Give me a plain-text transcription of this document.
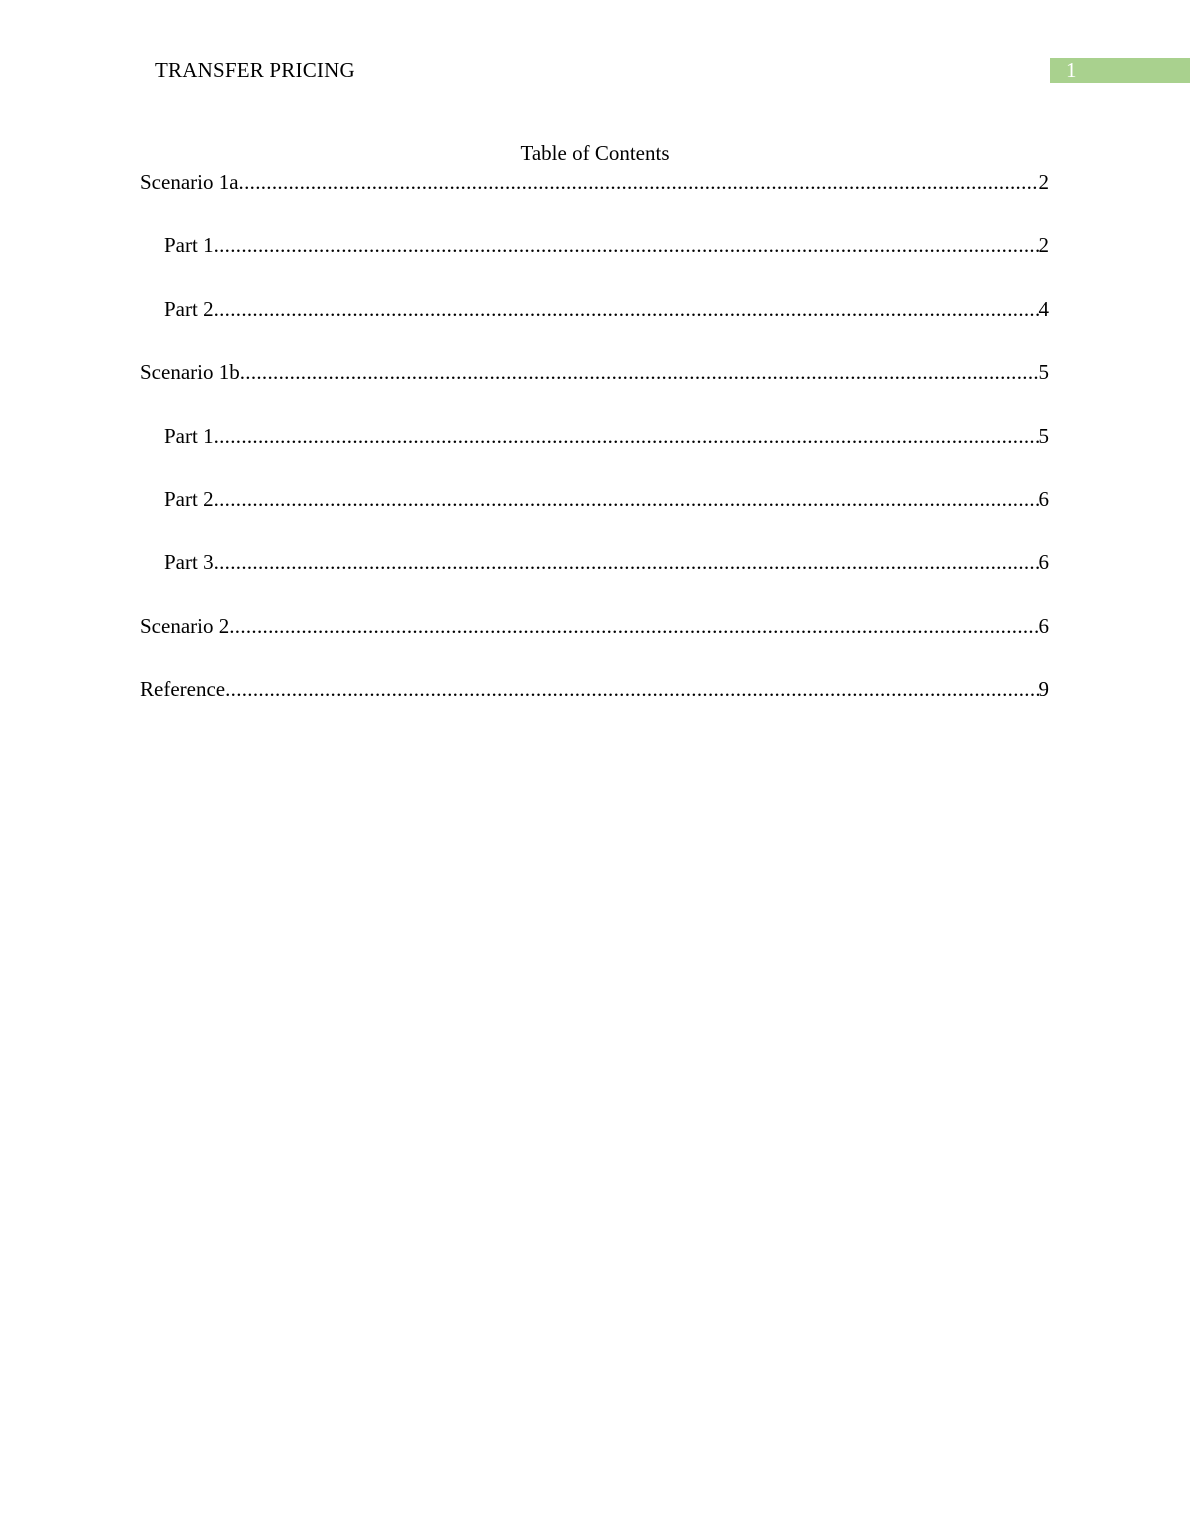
TRANSFER PRICING	1
Table of Contents
Scenario 1a .....	2
Part 1 .....	2
Part 2 .....	4
Scenario 1b .....	5
Part 1 .....	5
Part 2 .....	6
Part 3 .....	6
Scenario 2 .....	6
Reference .....	9
